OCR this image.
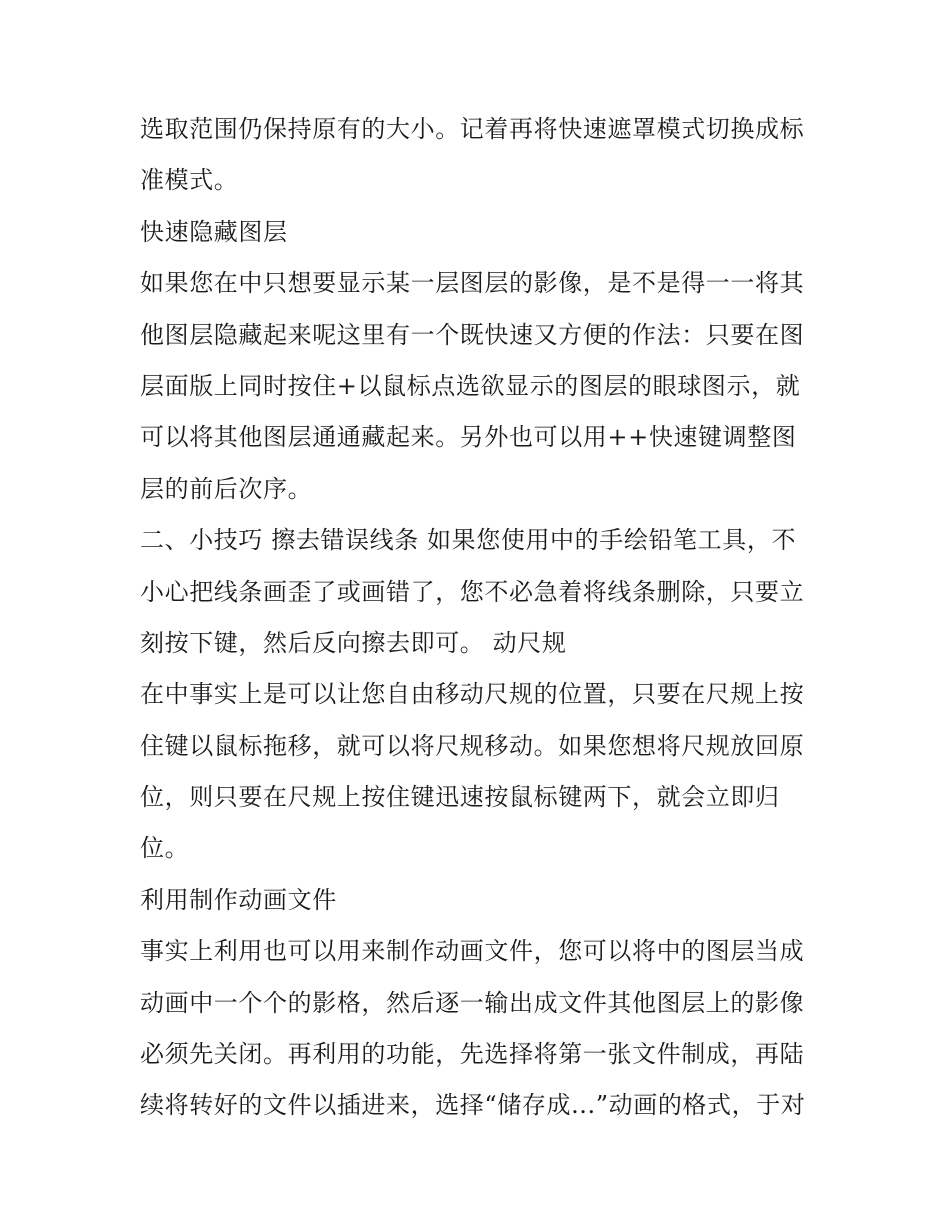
选取范围仍保持原有的大小。记着再将快速遮罩模式切换成标
准模式。
快速隐藏图层
如果您在中只想要显示某一层图层的影像，是不是得一一将其
他图层隐藏起来呢这里有一个既快速又方便的作法：只要在图
层面版上同时按住+以鼠标点选欲显示的图层的眼球图示，就
可以将其他图层通通藏起来。另外也可以用++快速键调整图
层的前后次序。
二、小技巧 擦去错误线条 如果您使用中的手绘铅笔工具，不
小心把线条画歪了或画错了，您不必急着将线条删除，只要立
刻按下键，然后反向擦去即可。 动尺规
在中事实上是可以让您自由移动尺规的位置，只要在尺规上按
住键以鼠标拖移，就可以将尺规移动。如果您想将尺规放回原
位，则只要在尺规上按住键迅速按鼠标键两下，就会立即归
位。
利用制作动画文件
事实上利用也可以用来制作动画文件，您可以将中的图层当成
动画中一个个的影格，然后逐一输出成文件其他图层上的影像
必须先关闭。再利用的功能，先选择将第一张文件制成，再陆
续将转好的文件以插进来，选择“储存成...”动画的格式，于对
